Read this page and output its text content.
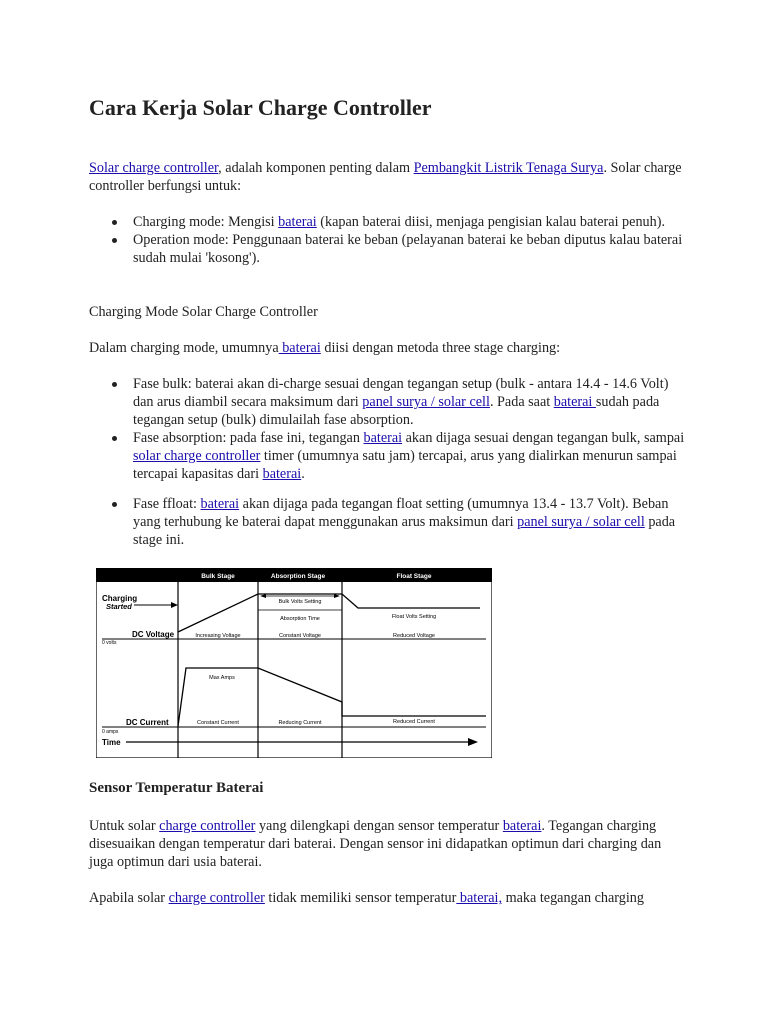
Cara Kerja Solar Charge Controller

Solar charge controller, adalah komponen penting dalam Pembangkit Listrik Tenaga Surya. Solar charge controller berfungsi untuk:

Charging mode: Mengisi baterai (kapan baterai diisi, menjaga pengisian kalau baterai penuh).
Operation mode: Penggunaan baterai ke beban (pelayanan baterai ke beban diputus kalau baterai sudah mulai 'kosong').

Charging Mode Solar Charge Controller

Dalam charging mode, umumnya baterai diisi dengan metoda three stage charging:

Fase bulk: baterai akan di-charge sesuai dengan tegangan setup (bulk - antara 14.4 - 14.6 Volt) dan arus diambil secara maksimum dari panel surya / solar cell. Pada saat baterai sudah pada tegangan setup (bulk) dimulailah fase absorption.
Fase absorption: pada fase ini, tegangan baterai akan dijaga sesuai dengan tegangan bulk, sampai solar charge controller timer (umumnya satu jam) tercapai, arus yang dialirkan menurun sampai tercapai kapasitas dari baterai.
Fase ffloat: baterai akan dijaga pada tegangan float setting (umumnya 13.4 - 13.7 Volt). Beban yang terhubung ke baterai dapat menggunakan arus maksimun dari panel surya / solar cell pada stage ini.
Bulk Stage	Absorption Stage	Float Stage
Charging
Started	Bulk Volts Setting
Absorption Time	Float Volts Setting
DC Voltage
0 volts
Increasing Voltage	Constant Voltage	Reduced Voltage
Max Amps
DC Current
0 amps
Constant Current	Reducing Current	Reduced Current
Time
Sensor Temperatur Baterai

Untuk solar charge controller yang dilengkapi dengan sensor temperatur baterai. Tegangan charging disesuaikan dengan temperatur dari baterai. Dengan sensor ini didapatkan optimun dari charging dan juga optimun dari usia baterai.

Apabila solar charge controller tidak memiliki sensor temperatur baterai, maka tegangan charging
